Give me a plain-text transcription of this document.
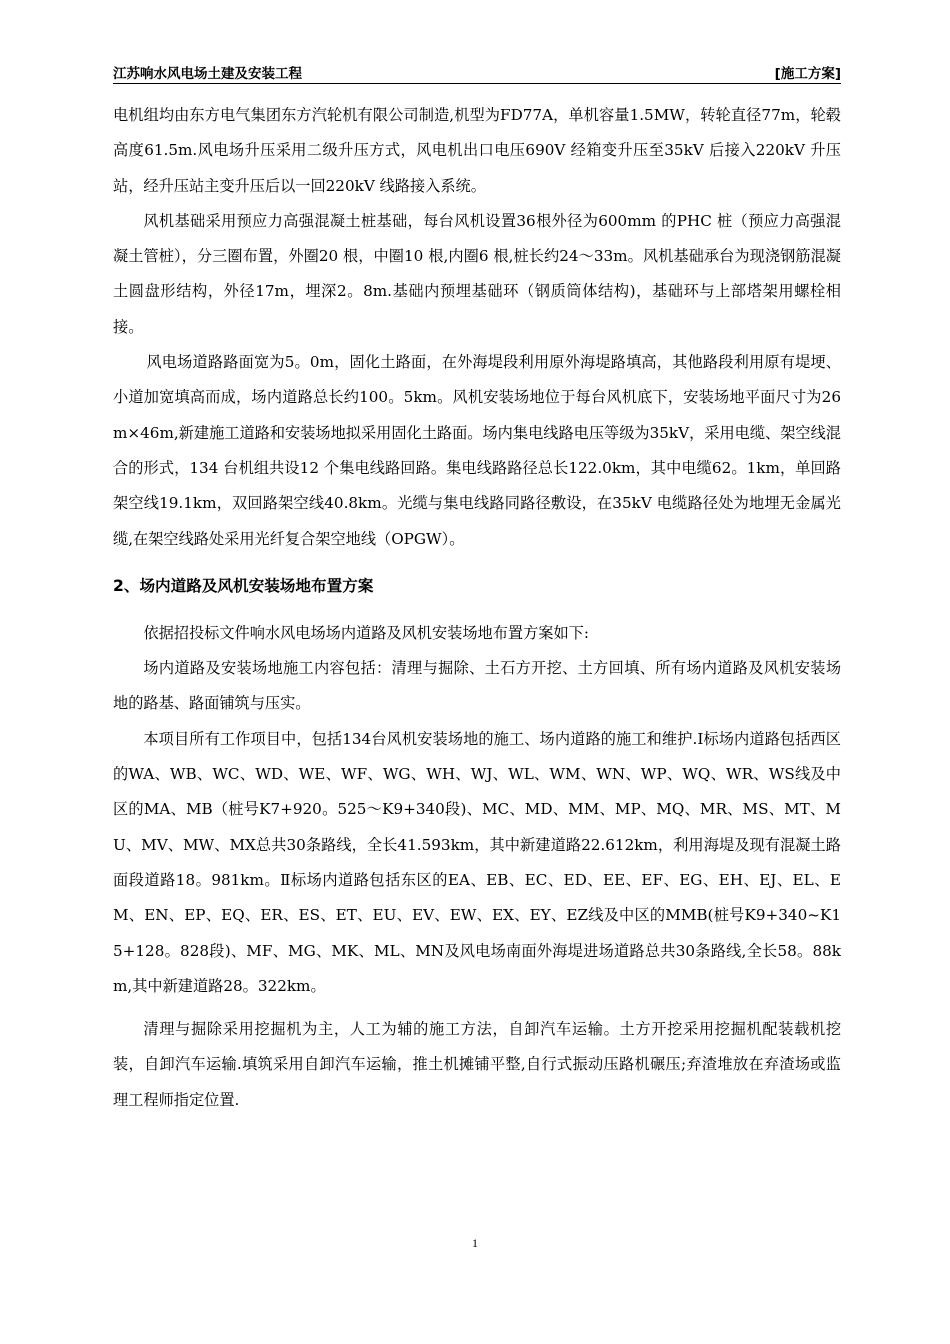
江苏响水风电场土建及安装工程	[施工方案]

电机组均由东方电气集团东方汽轮机有限公司制造,机型为FD77A，单机容量1.5MW，转轮直径77m，轮毂高度61.5m.风电场升压采用二级升压方式，风电机出口电压690V 经箱变升压至35kV 后接入220kV 升压站，经升压站主变升压后以一回220kV 线路接入系统。

风机基础采用预应力高强混凝土桩基础，每台风机设置36根外径为600mm 的PHC 桩（预应力高强混凝土管桩），分三圈布置，外圈20 根，中圈10 根,内圈6 根,桩长约24～33m。风机基础承台为现浇钢筋混凝土圆盘形结构，外径17m，埋深2。8m.基础内预埋基础环（钢质筒体结构)，基础环与上部塔架用螺栓相接。

风电场道路路面宽为5。0m，固化土路面，在外海堤段利用原外海堤路填高，其他路段利用原有堤埂、小道加宽填高而成，场内道路总长约100。5km。风机安装场地位于每台风机底下，安装场地平面尺寸为26m×46m,新建施工道路和安装场地拟采用固化土路面。场内集电线路电压等级为35kV，采用电缆、架空线混合的形式，134 台机组共设12 个集电线路回路。集电线路路径总长122.0km，其中电缆62。1km，单回路架空线19.1km，双回路架空线40.8km。光缆与集电线路同路径敷设，在35kV 电缆路径处为地埋无金属光缆,在架空线路处采用光纤复合架空地线（OPGW）。

2、场内道路及风机安装场地布置方案

依据招投标文件响水风电场场内道路及风机安装场地布置方案如下:

场内道路及安装场地施工内容包括：清理与掘除、土石方开挖、土方回填、所有场内道路及风机安装场地的路基、路面铺筑与压实。

本项目所有工作项目中，包括134台风机安装场地的施工、场内道路的施工和维护.I标场内道路包括西区的WA、WB、WC、WD、WE、WF、WG、WH、WJ、WL、WM、WN、WP、WQ、WR、WS线及中区的MA、MB（桩号K7+920。525～K9+340段)、MC、MD、MM、MP、MQ、MR、MS、MT、MU、MV、MW、MX总共30条路线，全长41.593km，其中新建道路22.612km，利用海堤及现有混凝土路面段道路18。981km。Ⅱ标场内道路包括东区的EA、EB、EC、ED、EE、EF、EG、EH、EJ、EL、EM、EN、EP、EQ、ER、ES、ET、EU、EV、EW、EX、EY、EZ线及中区的MMB(桩号K9+340~K15+128。828段)、MF、MG、MK、ML、MN及风电场南面外海堤进场道路总共30条路线,全长58。88km,其中新建道路28。322km。

清理与掘除采用挖掘机为主，人工为辅的施工方法，自卸汽车运输。土方开挖采用挖掘机配装载机挖装，自卸汽车运输.填筑采用自卸汽车运输，推土机摊铺平整,自行式振动压路机碾压;弃渣堆放在弃渣场或监理工程师指定位置.

1
